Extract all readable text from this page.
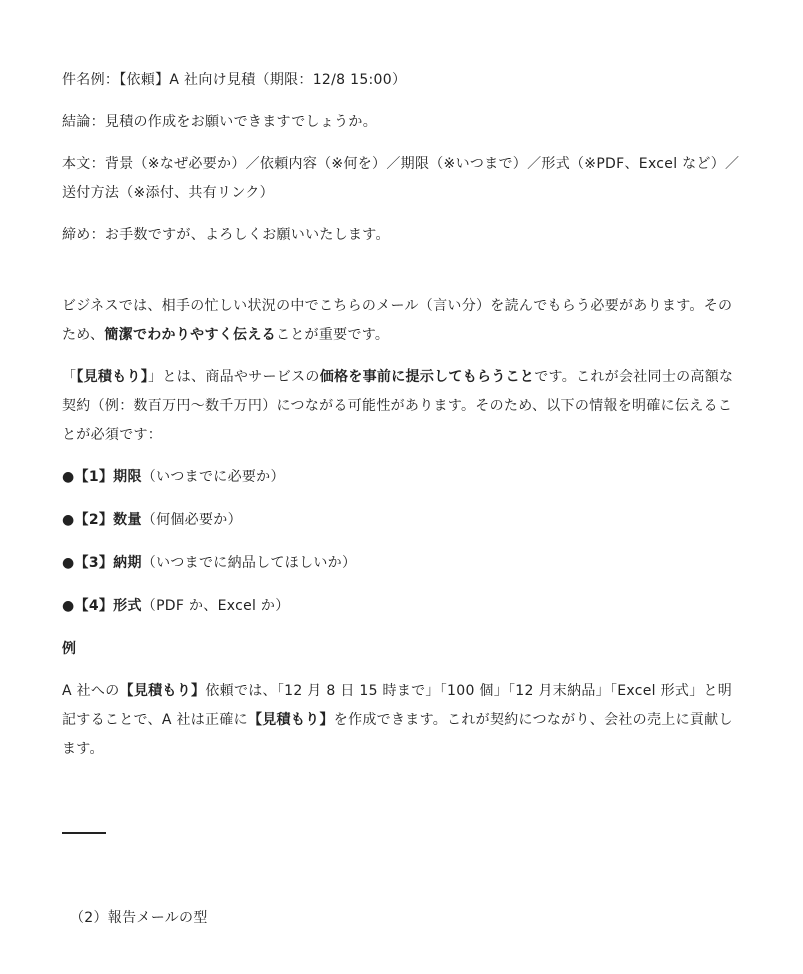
件名例：【依頼】A 社向け見積（期限：12/8 15:00）

結論：見積の作成をお願いできますでしょうか。

本文：背景（※なぜ必要か）／依頼内容（※何を）／期限（※いつまで）／形式（※PDF、Excel など）／送付方法（※添付、共有リンク）

締め：お手数ですが、よろしくお願いいたします。

ビジネスでは、相手の忙しい状況の中でこちらのメール（言い分）を読んでもらう必要があります。そのため、簡潔でわかりやすく伝えることが重要です。

「【見積もり】」とは、商品やサービスの価格を事前に提示してもらうことです。これが会社同士の高額な契約（例：数百万円～数千万円）につながる可能性があります。そのため、以下の情報を明確に伝えることが必須です：

●【1】期限（いつまでに必要か）

●【2】数量（何個必要か）

●【3】納期（いつまでに納品してほしいか）

●【4】形式（PDF か、Excel か）

例

A 社への【見積もり】依頼では、「12 月 8 日 15 時まで」「100 個」「12 月末納品」「Excel 形式」と明記することで、A 社は正確に【見積もり】を作成できます。これが契約につながり、会社の売上に貢献します。

（2）報告メールの型
